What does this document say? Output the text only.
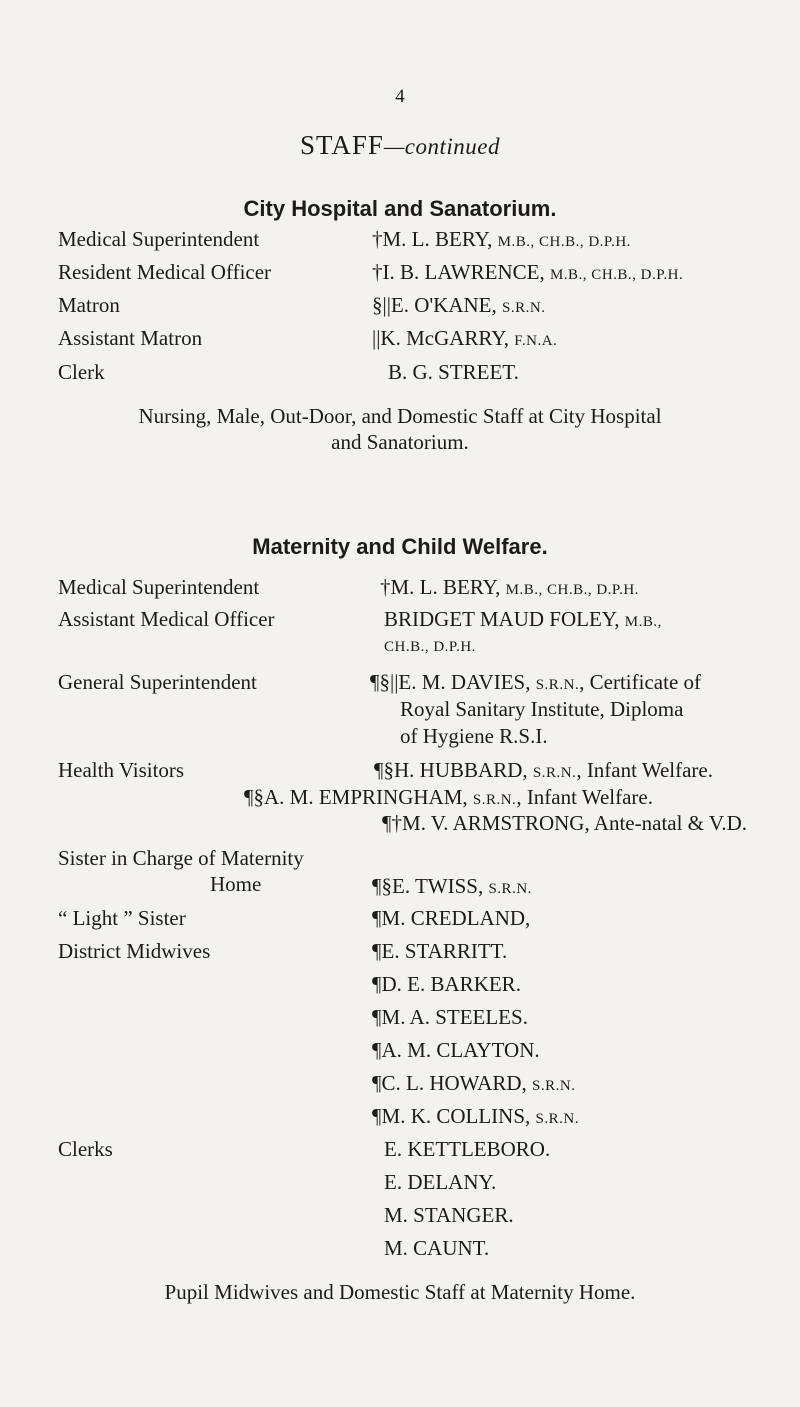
4
STAFF—continued
City Hospital and Sanatorium.
Medical Superintendent	†M. L. BERY, M.B., CH.B., D.P.H.
Resident Medical Officer	†I. B. LAWRENCE, M.B., CH.B., D.P.H.
Matron	§||E. O'KANE, S.R.N.
Assistant Matron	||K. McGARRY, F.N.A.
Clerk	B. G. STREET.
Nursing, Male, Out-Door, and Domestic Staff at City Hospital
and Sanatorium.
Maternity and Child Welfare.
Medical Superintendent	†M. L. BERY, M.B., CH.B., D.P.H.
Assistant Medical Officer	BRIDGET MAUD FOLEY, M.B.,
CH.B., D.P.H.
General Superintendent	¶§||E. M. DAVIES, S.R.N., Certificate of
Royal Sanitary Institute, Diploma
of Hygiene R.S.I.
Health Visitors	¶§H. HUBBARD, S.R.N., Infant Welfare.
¶§A. M. EMPRINGHAM, S.R.N., Infant Welfare.
¶†M. V. ARMSTRONG, Ante-natal & V.D.
Sister in Charge of Maternity
Home	¶§E. TWISS, S.R.N.
“ Light ” Sister	¶M. CREDLAND,
District Midwives	¶E. STARRITT.
¶D. E. BARKER.
¶M. A. STEELES.
¶A. M. CLAYTON.
¶C. L. HOWARD, S.R.N.
¶M. K. COLLINS, S.R.N.
Clerks	E. KETTLEBORO.
E. DELANY.
M. STANGER.
M. CAUNT.
Pupil Midwives and Domestic Staff at Maternity Home.
